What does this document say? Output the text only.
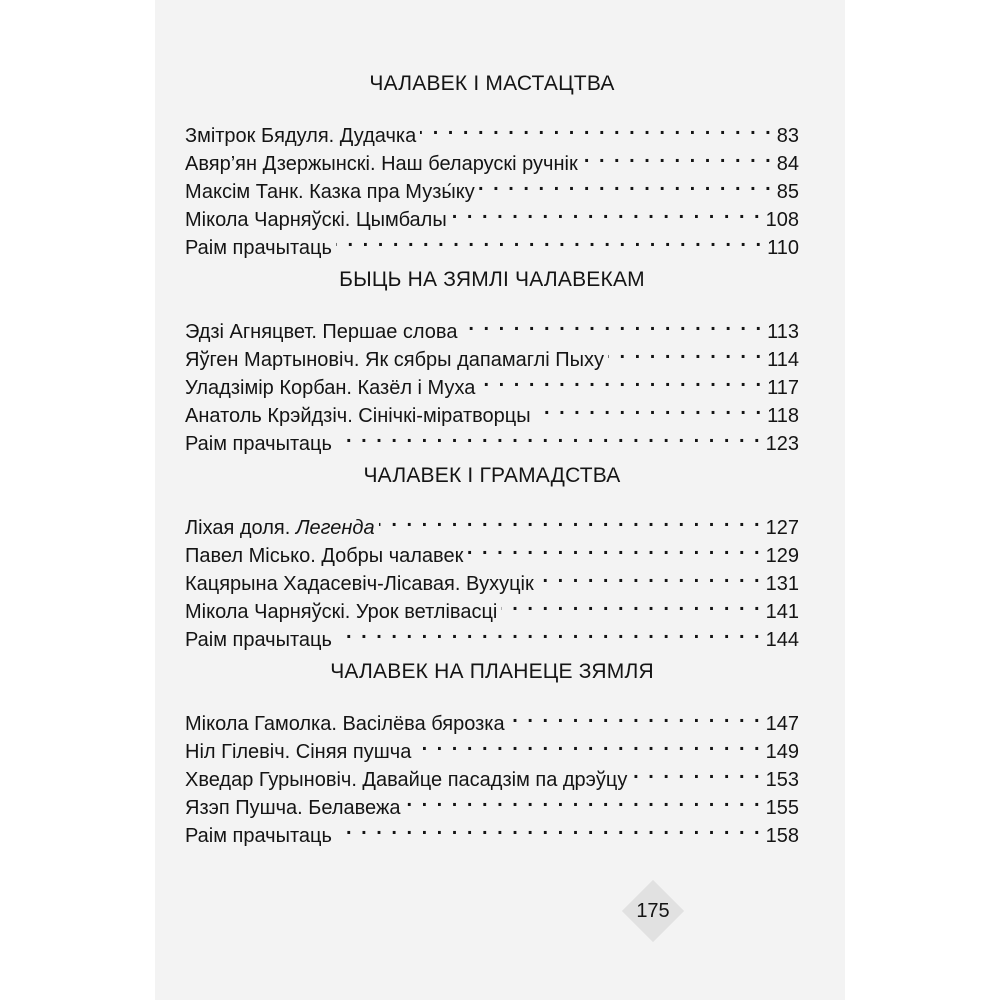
ЧАЛАВЕК І МАСТАЦТВА
Змітрок Бядуля. Дудачка . . .	83
Авяр’ян Дзержынскі. Наш беларускі ручнік . . .	84
Максім Танк. Казка пра Музы́ку . . .	85
Мікола Чарняўскі. Цымбалы . . .	108
Раім прачытаць . . .	110
БЫЦЬ НА ЗЯМЛІ ЧАЛАВЕКАМ
Эдзі Агняцвет. Першае слова . . .	113
Яўген Мартыновіч. Як сябры дапамаглі Пыху . . .	114
Уладзімір Корбан. Казёл і Муха . . .	117
Анатоль Крэйдзіч. Сінічкі-міратворцы . . .	118
Раім прачытаць . . .	123
ЧАЛАВЕК І ГРАМАДСТВА
Ліхая доля. Легенда . . .	127
Павел Місько. Добры чалавек . . .	129
Кацярына Хадасевіч-Лісавая. Вухуцік . . .	131
Мікола Чарняўскі. Урок ветлівасці . . .	141
Раім прачытаць . . .	144
ЧАЛАВЕК НА ПЛАНЕЦЕ ЗЯМЛЯ
Мікола Гамолка. Васілёва бярозка . . .	147
Ніл Гілевіч. Сіняя пушча . . .	149
Хведар Гурыновіч. Давайце пасадзім па дрэўцу . . .	153
Язэп Пушча. Белавежа . . .	155
Раім прачытаць . . .	158
175
